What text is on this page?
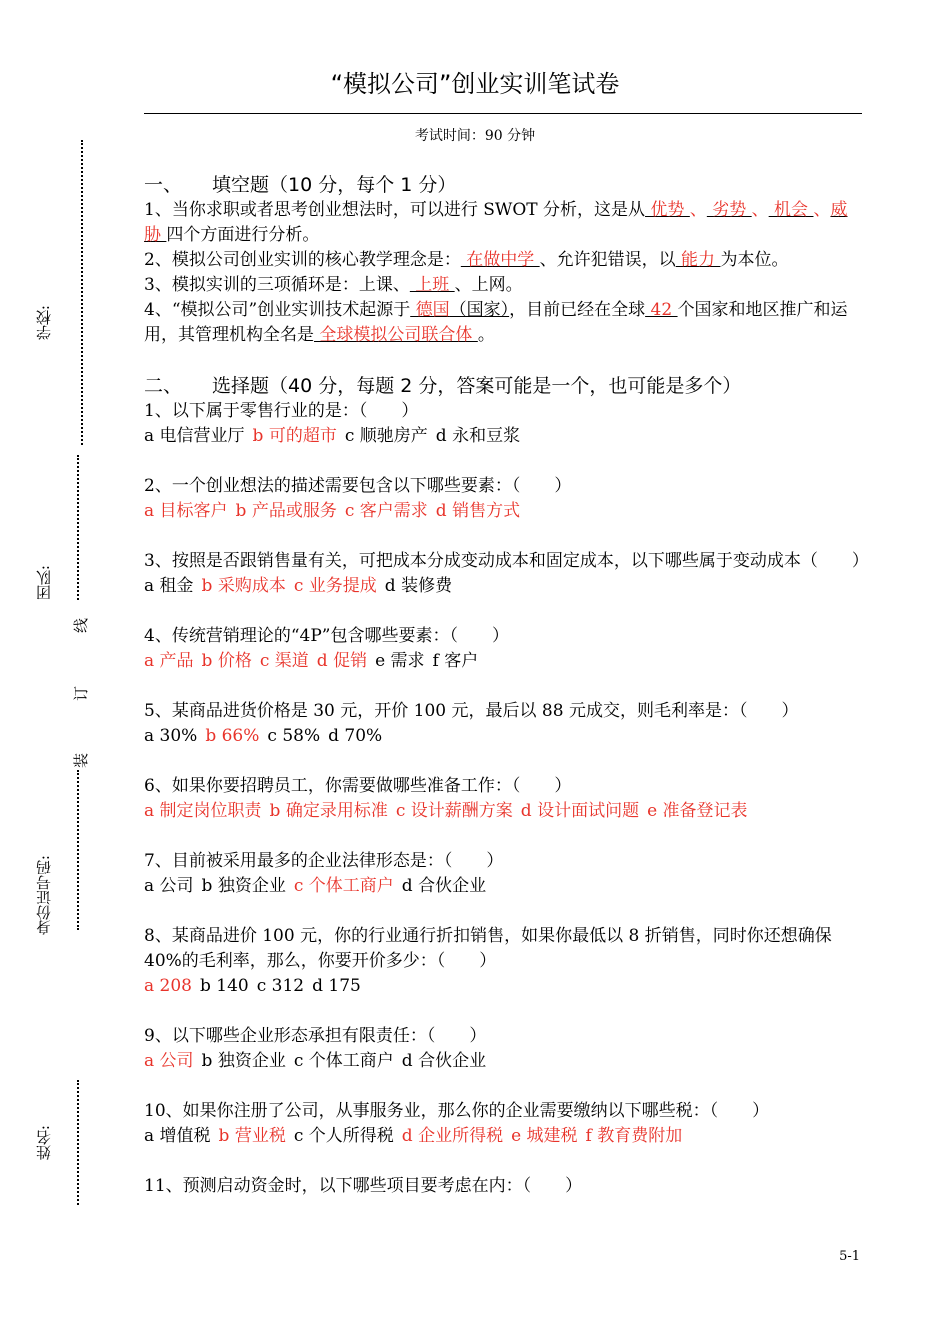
学校:
团队:
身份证号码:
姓名:
线
订
装
“模拟公司”创业实训笔试卷
考试时间：90 分钟
一、 填空题（10 分，每个 1 分）

1、当你求职或者思考创业想法时，可以进行 SWOT 分析，这是从 优势 、 劣势 、 机会 、威胁 四个方面进行分析。

2、模拟公司创业实训的核心教学理念是： 在做中学 、允许犯错误，以 能力 为本位。

3、模拟实训的三项循环是：上课、 上班 、上网。

4、“模拟公司”创业实训技术起源于 德国（国家），目前已经在全球 42 个国家和地区推广和运用，其管理机构全名是 全球模拟公司联合体 。

二、 选择题（40 分，每题 2 分，答案可能是一个，也可能是多个）

1、以下属于零售行业的是：（　　）

a 电信营业厅 b 可的超市 c 顺驰房产 d 永和豆浆

2、一个创业想法的描述需要包含以下哪些要素：（　　）

a 目标客户 b 产品或服务 c 客户需求 d 销售方式

3、按照是否跟销售量有关，可把成本分成变动成本和固定成本，以下哪些属于变动成本（　　）

a 租金 b 采购成本 c 业务提成 d 装修费

4、传统营销理论的“4P”包含哪些要素：（　　）

a 产品 b 价格 c 渠道 d 促销 e 需求 f 客户

5、某商品进货价格是 30 元，开价 100 元，最后以 88 元成交，则毛利率是：（　　）

a 30% b 66% c 58% d 70%

6、如果你要招聘员工，你需要做哪些准备工作：（　　）

a 制定岗位职责 b 确定录用标准 c 设计薪酬方案 d 设计面试问题 e 准备登记表

7、目前被采用最多的企业法律形态是：（　　）

a 公司 b 独资企业 c 个体工商户 d 合伙企业

8、某商品进价 100 元，你的行业通行折扣销售，如果你最低以 8 折销售，同时你还想确保 40%的毛利率，那么，你要开价多少：（　　）

a 208 b 140 c 312 d 175

9、以下哪些企业形态承担有限责任：（　　）

a 公司 b 独资企业 c 个体工商户 d 合伙企业

10、如果你注册了公司，从事服务业，那么你的企业需要缴纳以下哪些税：（　　）

a 增值税 b 营业税 c 个人所得税 d 企业所得税 e 城建税 f 教育费附加

11、预测启动资金时，以下哪些项目要考虑在内：（　　）

5-1
